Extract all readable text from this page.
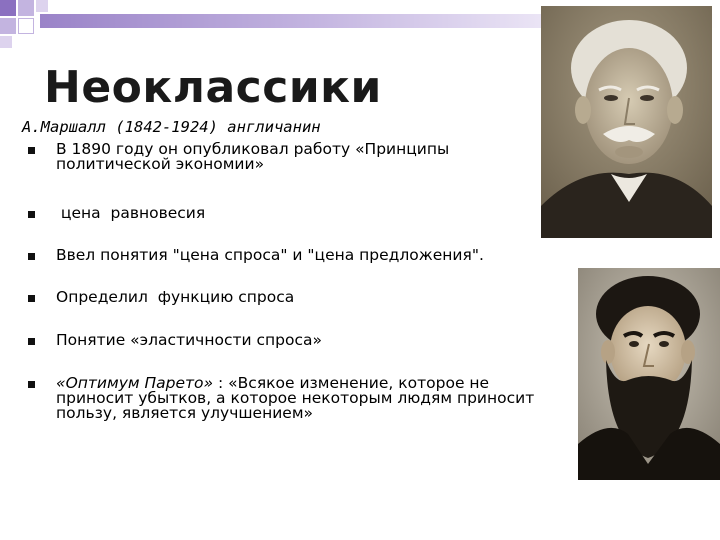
Неоклассики
А.Маршалл (1842-1924) англичанин
В 1890 году он опубликовал работу «Принципы политической экономии»
цена  равновесия
Ввел понятия "цена спроса" и "цена предложения".
Определил  функцию спроса
Понятие «эластичности спроса»
«Оптимум Парето» : «Всякое изменение, которое не приносит убытков, а которое некоторым людям приносит пользу, является улучшением»
